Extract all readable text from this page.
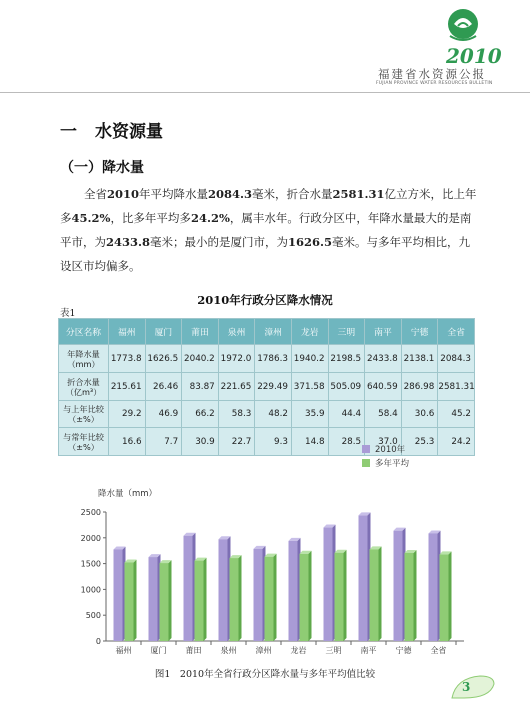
2010
福建省水资源公报
FUJIAN PROVINCE WATER RESOURCES BULLETIN
一 水资源量
（一）降水量
全省2010年平均降水量2084.3毫米，折合水量2581.31亿立方米，比上年多45.2%，比多年平均多24.2%，属丰水年。行政分区中，年降水量最大的是南平市，为2433.8毫米；最小的是厦门市，为1626.5毫米。与多年平均相比，九设区市均偏多。
2010年行政分区降水情况
表1
分区名称	福州	厦门	莆田	泉州	漳州	龙岩	三明	南平	宁德	全省
年降水量
（mm）	1773.8	1626.5	2040.2	1972.0	1786.3	1940.2	2198.5	2433.8	2138.1	2084.3
折合水量
（亿m³）	215.61	26.46	83.87	221.65	229.49	371.58	505.09	640.59	286.98	2581.31
与上年比较
（±%）	29.2	46.9	66.2	58.3	48.2	35.9	44.4	58.4	30.6	45.2
与常年比较
（±%）	16.6	7.7	30.9	22.7	9.3	14.8	28.5	37.0	25.3	24.2
降水量（mm）
0
500
1000
1500
2000
2500
福州 厦门 莆田 泉州 漳州 龙岩 三明 南平 宁德 全省
2010年
多年平均
图1　2010年全省行政分区降水量与多年平均值比较
3
